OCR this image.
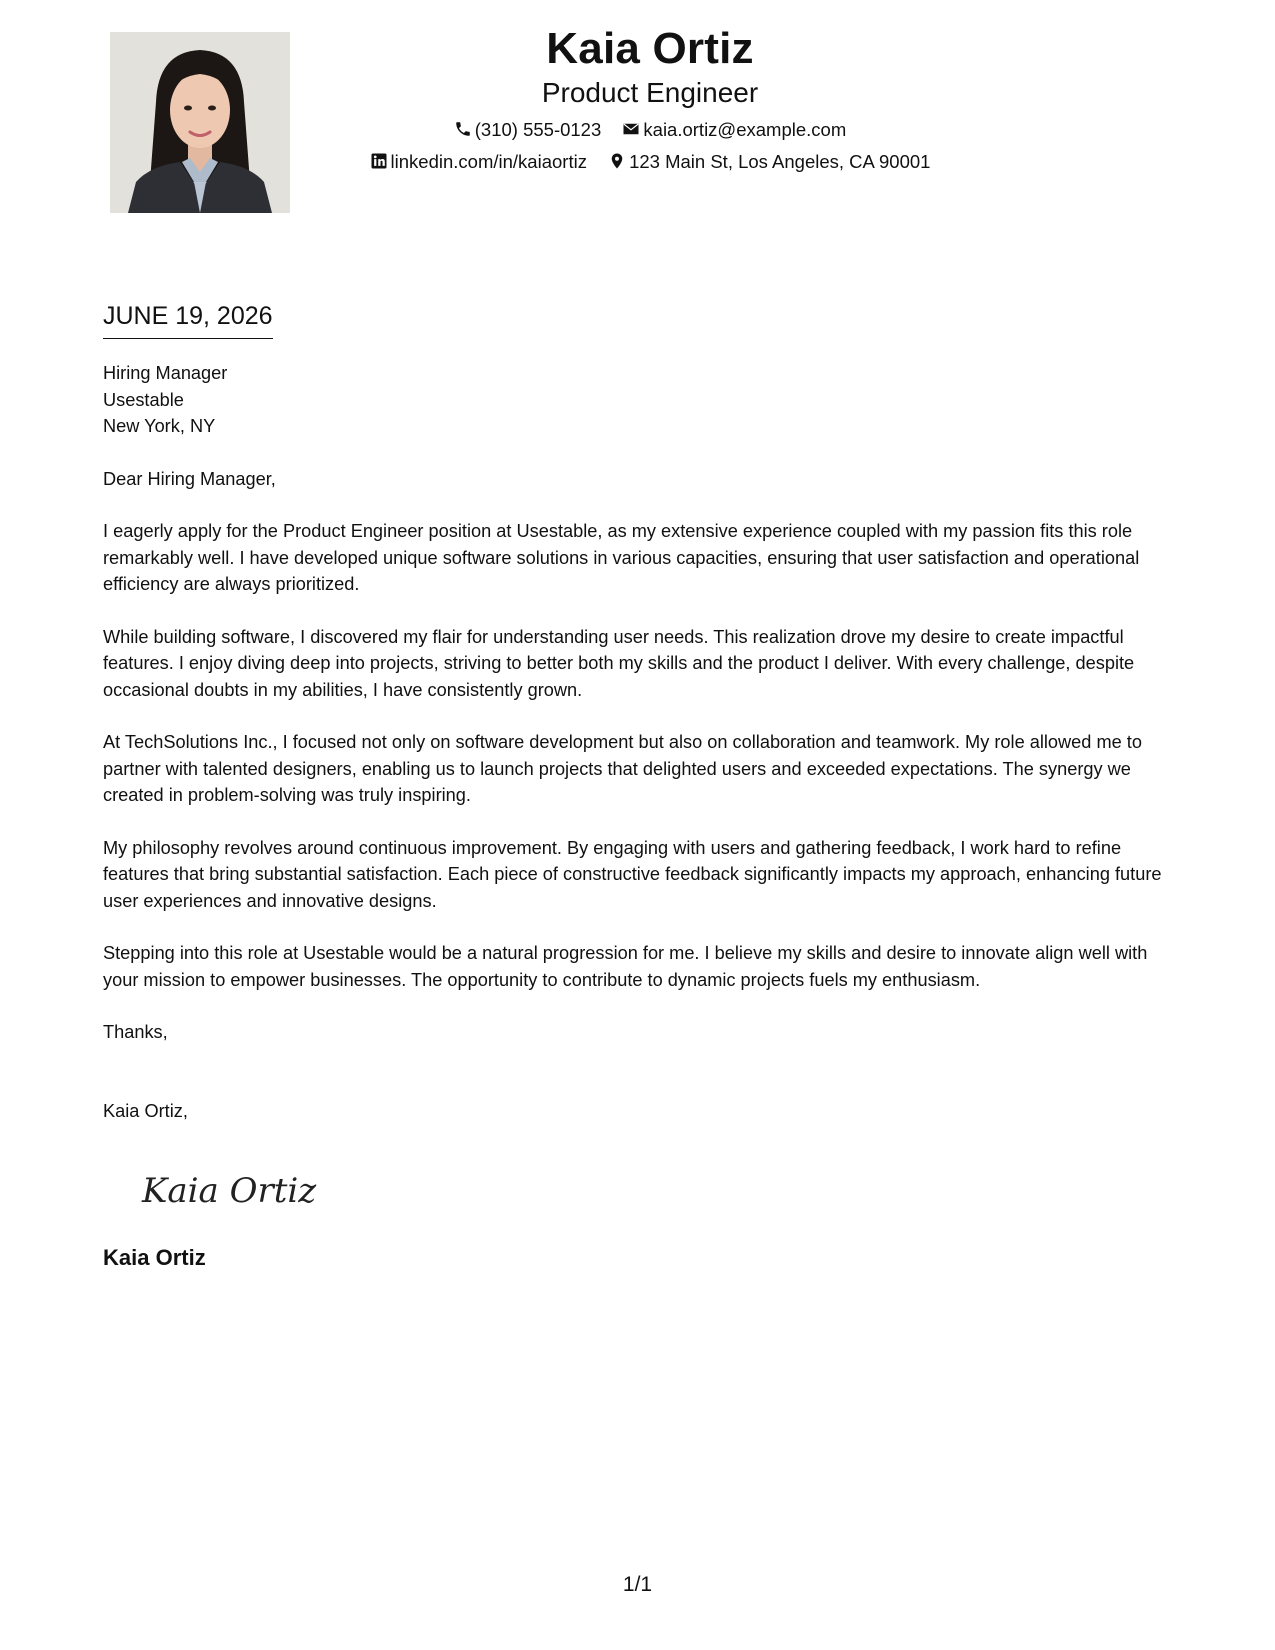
Kaia Ortiz
Product Engineer
(310) 555-0123 kaia.ortiz@example.com
linkedin.com/in/kaiaortiz 123 Main St, Los Angeles, CA 90001
JUNE 19, 2026
Hiring Manager
Usestable
New York, NY

Dear Hiring Manager,

I eagerly apply for the Product Engineer position at Usestable, as my extensive experience coupled with my passion fits this role remarkably well. I have developed unique software solutions in various capacities, ensuring that user satisfaction and operational efficiency are always prioritized.

While building software, I discovered my flair for understanding user needs. This realization drove my desire to create impactful features. I enjoy diving deep into projects, striving to better both my skills and the product I deliver. With every challenge, despite occasional doubts in my abilities, I have consistently grown.

At TechSolutions Inc., I focused not only on software development but also on collaboration and teamwork. My role allowed me to partner with talented designers, enabling us to launch projects that delighted users and exceeded expectations. The synergy we created in problem-solving was truly inspiring.

My philosophy revolves around continuous improvement. By engaging with users and gathering feedback, I work hard to refine features that bring substantial satisfaction. Each piece of constructive feedback significantly impacts my approach, enhancing future user experiences and innovative designs.

Stepping into this role at Usestable would be a natural progression for me. I believe my skills and desire to innovate align well with your mission to empower businesses. The opportunity to contribute to dynamic projects fuels my enthusiasm.

Thanks,

Kaia Ortiz,

Kaia Ortiz
Kaia Ortiz
1/1
